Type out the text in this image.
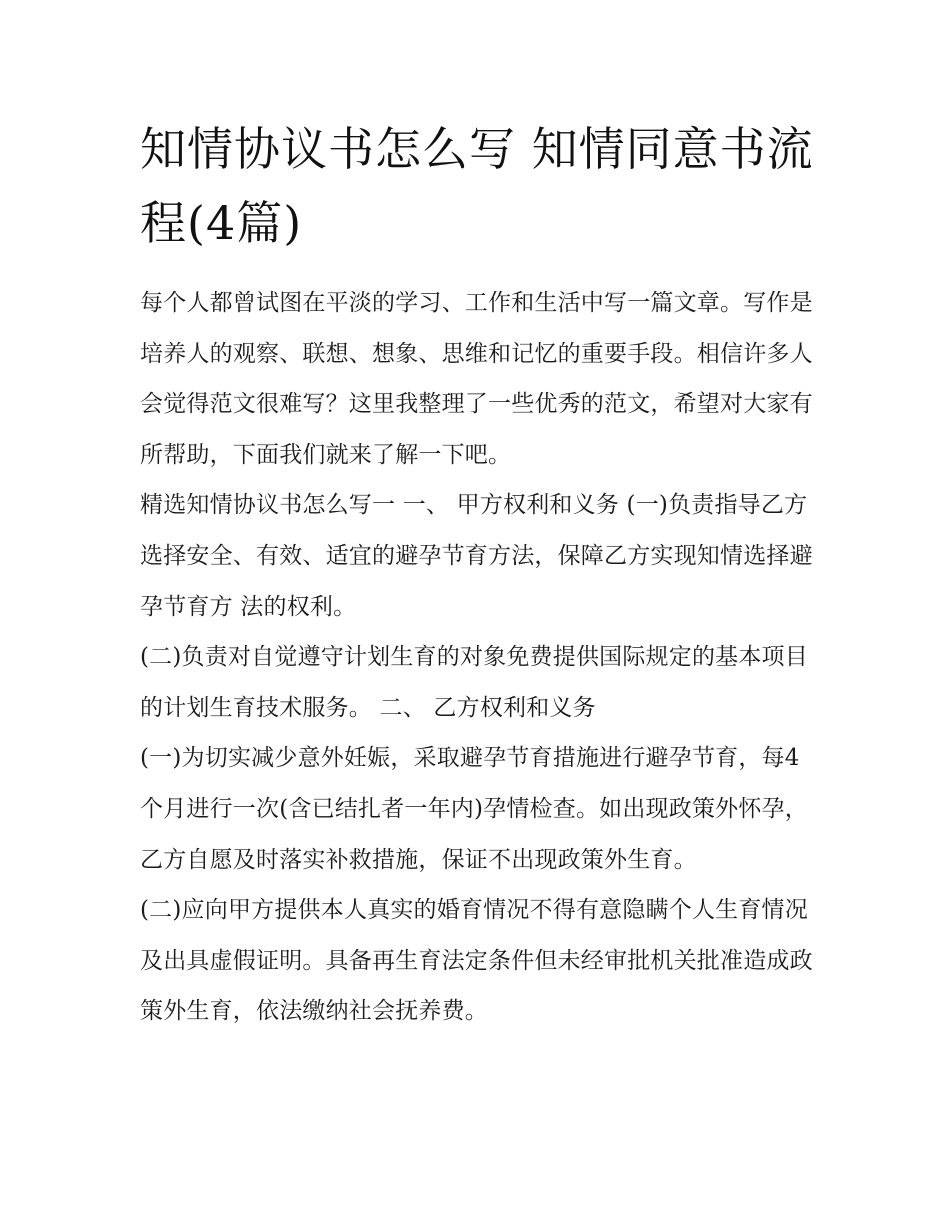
知情协议书怎么写 知情同意书流程(4篇)

每个人都曾试图在平淡的学习、工作和生活中写一篇文章。写作是培养人的观察、联想、想象、思维和记忆的重要手段。相信许多人会觉得范文很难写？这里我整理了一些优秀的范文，希望对大家有所帮助，下面我们就来了解一下吧。

精选知情协议书怎么写一 一、 甲方权利和义务 (一)负责指导乙方选择安全、有效、适宜的避孕节育方法，保障乙方实现知情选择避孕节育方 法的权利。

(二)负责对自觉遵守计划生育的对象免费提供国际规定的基本项目的计划生育技术服务。 二、 乙方权利和义务

(一)为切实减少意外妊娠，采取避孕节育措施进行避孕节育，每4个月进行一次(含已结扎者一年内)孕情检查。如出现政策外怀孕，乙方自愿及时落实补救措施，保证不出现政策外生育。

(二)应向甲方提供本人真实的婚育情况不得有意隐瞒个人生育情况及出具虚假证明。具备再生育法定条件但未经审批机关批准造成政策外生育，依法缴纳社会抚养费。
